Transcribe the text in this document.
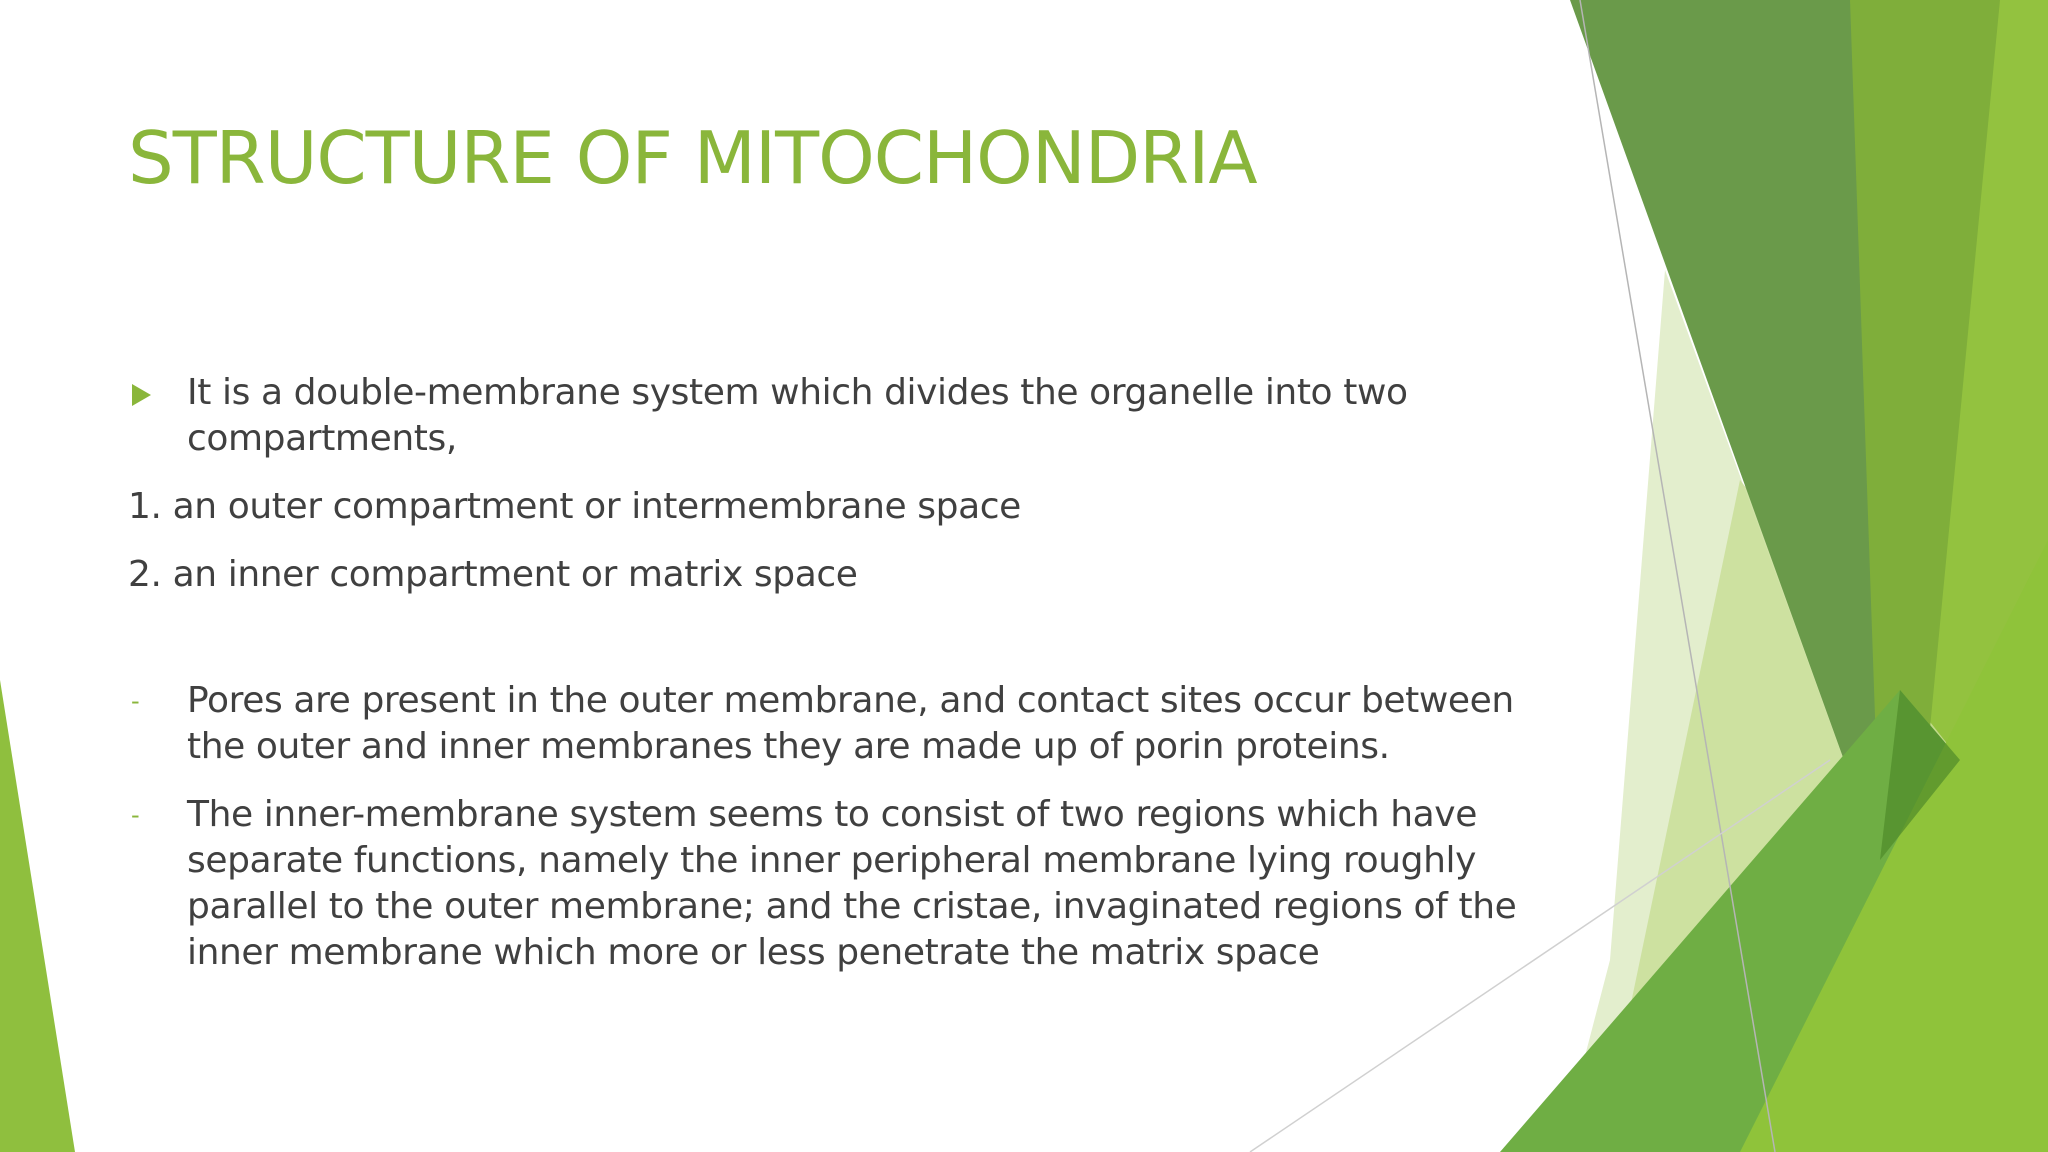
STRUCTURE OF MITOCHONDRIA
It is a double-membrane system which divides the organelle into two compartments,
1. an outer compartment or intermembrane space
2. an inner compartment or matrix space
- Pores are present in the outer membrane, and contact sites occur between the outer and inner membranes they are made up of porin proteins.
- The inner-membrane system seems to consist of two regions which have separate functions, namely the inner peripheral membrane lying roughly parallel to the outer membrane; and the cristae, invaginated regions of the inner membrane which more or less penetrate the matrix space
